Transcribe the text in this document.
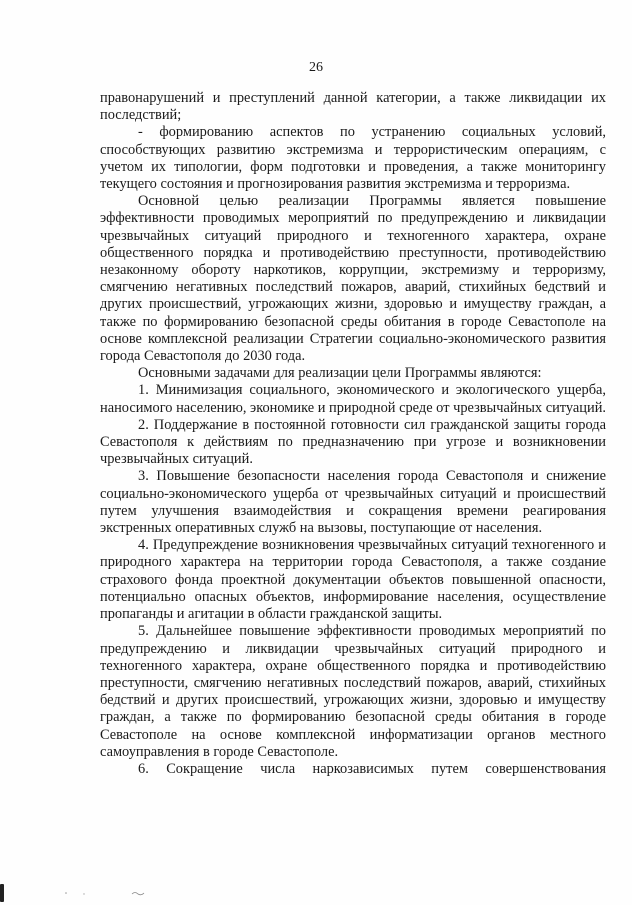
26

правонарушений и преступлений данной категории, а также ликвидации их последствий;

- формированию аспектов по устранению социальных условий, способствующих развитию экстремизма и террористическим операциям, с учетом их типологии, форм подготовки и проведения, а также мониторингу текущего состояния и прогнозирования развития экстремизма и терроризма.

Основной целью реализации Программы является повышение эффективности проводимых мероприятий по предупреждению и ликвидации чрезвычайных ситуаций природного и техногенного характера, охране общественного порядка и противодействию преступности, противодействию незаконному обороту наркотиков, коррупции, экстремизму и терроризму, смягчению негативных последствий пожаров, аварий, стихийных бедствий и других происшествий, угрожающих жизни, здоровью и имуществу граждан, а также по формированию безопасной среды обитания в городе Севастополе на основе комплексной реализации Стратегии социально-экономического развития города Севастополя до 2030 года.

Основными задачами для реализации цели Программы являются:

1. Минимизация социального, экономического и экологического ущерба, наносимого населению, экономике и природной среде от чрезвычайных ситуаций.

2. Поддержание в постоянной готовности сил гражданской защиты города Севастополя к действиям по предназначению при угрозе и возникновении чрезвычайных ситуаций.

3. Повышение безопасности населения города Севастополя и снижение социально-экономического ущерба от чрезвычайных ситуаций и происшествий путем улучшения взаимодействия и сокращения времени реагирования экстренных оперативных служб на вызовы, поступающие от населения.

4. Предупреждение возникновения чрезвычайных ситуаций техногенного и природного характера на территории города Севастополя, а также создание страхового фонда проектной документации объектов повышенной опасности, потенциально опасных объектов, информирование населения, осуществление пропаганды и агитации в области гражданской защиты.

5. Дальнейшее повышение эффективности проводимых мероприятий по предупреждению и ликвидации чрезвычайных ситуаций природного и техногенного характера, охране общественного порядка и противодействию преступности, смягчению негативных последствий пожаров, аварий, стихийных бедствий и других происшествий, угрожающих жизни, здоровью и имуществу граждан, а также по формированию безопасной среды обитания в городе Севастополе на основе комплексной информатизации органов местного самоуправления в городе Севастополе.

6. Сокращение числа наркозависимых путем совершенствования
